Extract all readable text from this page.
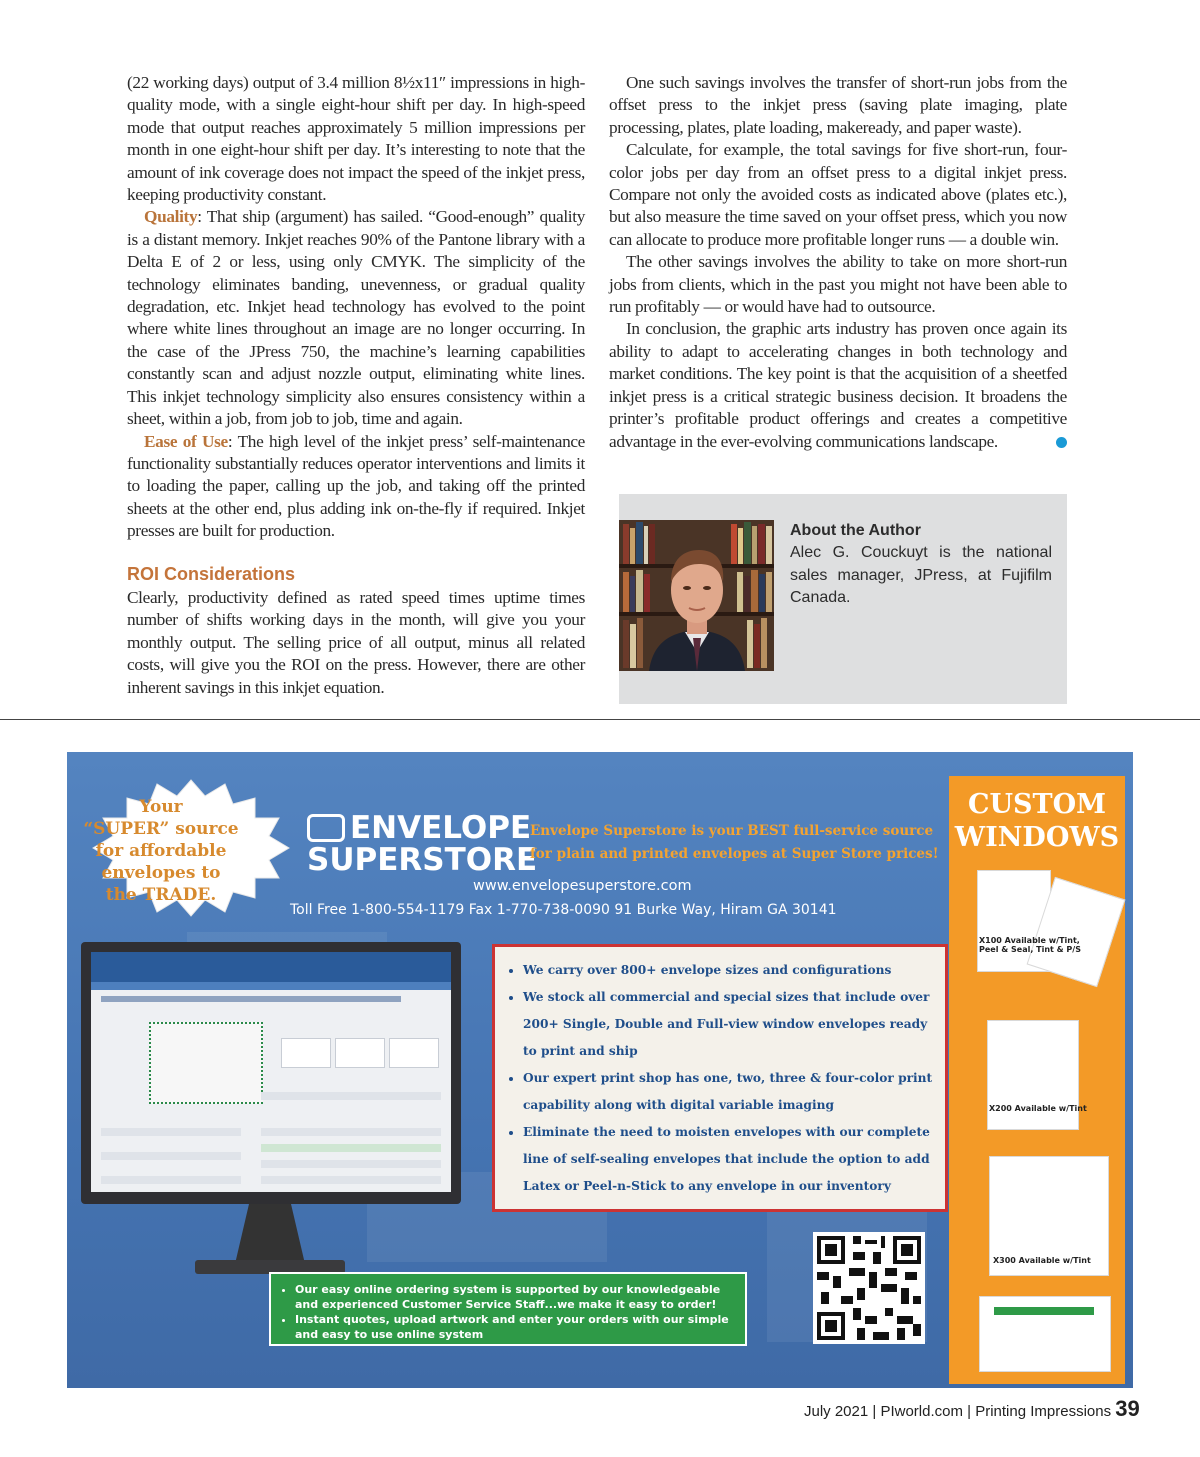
(22 working days) output of 3.4 million 8½x11″ impressions in high-quality mode, with a single eight-hour shift per day. In high-speed mode that output reaches approximately 5 million impressions per month in one eight-hour shift per day. It’s interesting to note that the amount of ink coverage does not impact the speed of the inkjet press, keeping productivity constant.

Quality: That ship (argument) has sailed. “Good-enough” quality is a distant memory. Inkjet reaches 90% of the Pantone library with a Delta E of 2 or less, using only CMYK. The simplicity of the technology eliminates banding, unevenness, or gradual quality degradation, etc. Inkjet head technology has evolved to the point where white lines throughout an image are no longer occurring. In the case of the JPress 750, the machine’s learning capabilities constantly scan and adjust nozzle output, eliminating white lines. This inkjet technology simplicity also ensures consistency within a sheet, within a job, from job to job, time and again.

Ease of Use: The high level of the inkjet press’ self-maintenance functionality substantially reduces operator interventions and limits it to loading the paper, calling up the job, and taking off the printed sheets at the other end, plus adding ink on-the-fly if required. Inkjet presses are built for production.

ROI Considerations

Clearly, productivity defined as rated speed times uptime times number of shifts working days in the month, will give you your monthly output. The selling price of all output, minus all related costs, will give you the ROI on the press. However, there are other inherent savings in this inkjet equation.

One such savings involves the transfer of short-run jobs from the offset press to the inkjet press (saving plate imaging, plate processing, plates, plate loading, makeready, and paper waste).

Calculate, for example, the total savings for five short-run, four-color jobs per day from an offset press to a digital inkjet press. Compare not only the avoided costs as indicated above (plates etc.), but also measure the time saved on your offset press, which you now can allocate to produce more profitable longer runs — a double win.

The other savings involves the ability to take on more short-run jobs from clients, which in the past you might not have been able to run profitably — or would have had to outsource.

In conclusion, the graphic arts industry has proven once again its ability to adapt to accelerating changes in both technology and market conditions. The key point is that the acquisition of a sheetfed inkjet press is a critical strategic business decision. It broadens the printer’s profitable product offerings and creates a competitive advantage in the ever-evolving communications landscape.

About the Author
Alec G. Couckuyt is the national sales manager, JPress, at Fujifilm Canada.
Your
“SUPER” source
for affordable
envelopes to
the TRADE.
ENVELOPE
SUPERSTORE
Envelope Superstore is your BEST full-service source
for plain and printed envelopes at Super Store prices!
www.envelopesuperstore.com
Toll Free 1-800-554-1179 Fax 1-770-738-0090 91 Burke Way, Hiram GA 30141
• We carry over 800+ envelope sizes and configurations
• We stock all commercial and special sizes that include over 200+ Single, Double and Full-view window envelopes ready to print and ship
• Our expert print shop has one, two, three & four-color print capability along with digital variable imaging
• Eliminate the need to moisten envelopes with our complete line of self-sealing envelopes that include the option to add Latex or Peel-n-Stick to any envelope in our inventory
• Our easy online ordering system is supported by our knowledgeable and experienced Customer Service Staff...we make it easy to order!
• Instant quotes, upload artwork and enter your orders with our simple and easy to use online system
CUSTOM
WINDOWS
X100 Available w/Tint, Peel & Seal, Tint & P/S
X200 Available w/Tint
X300 Available w/Tint
July 2021 | PIworld.com | Printing Impressions 39
